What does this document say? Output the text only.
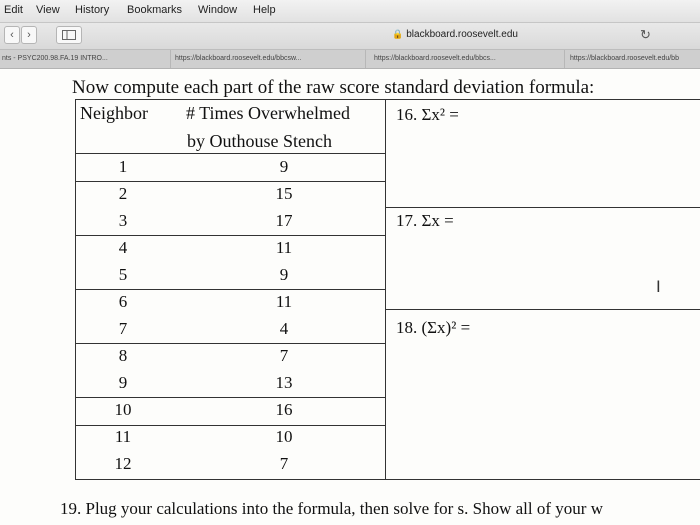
Edit View History Bookmarks Window Help
‹	›	🔒 blackboard.roosevelt.edu	↻
nts - PSYC200.98.FA.19 INTRO...	https://blackboard.roosevelt.edu/bbcsw...	https://blackboard.roosevelt.edu/bbcs...	https://blackboard.roosevelt.edu/bb
Now compute each part of the raw score standard deviation formula:
Neighbor # Times Overwhelmed
by Outhouse Stench
1	9
2	15
3	17
4	11
5	9
6	11
7	4
8	7
9	13
10	16
11	10
12	7
16. Σx² =
17. Σx =
18. (Σx)² =
I
19. Plug your calculations into the formula, then solve for s. Show all of your w
